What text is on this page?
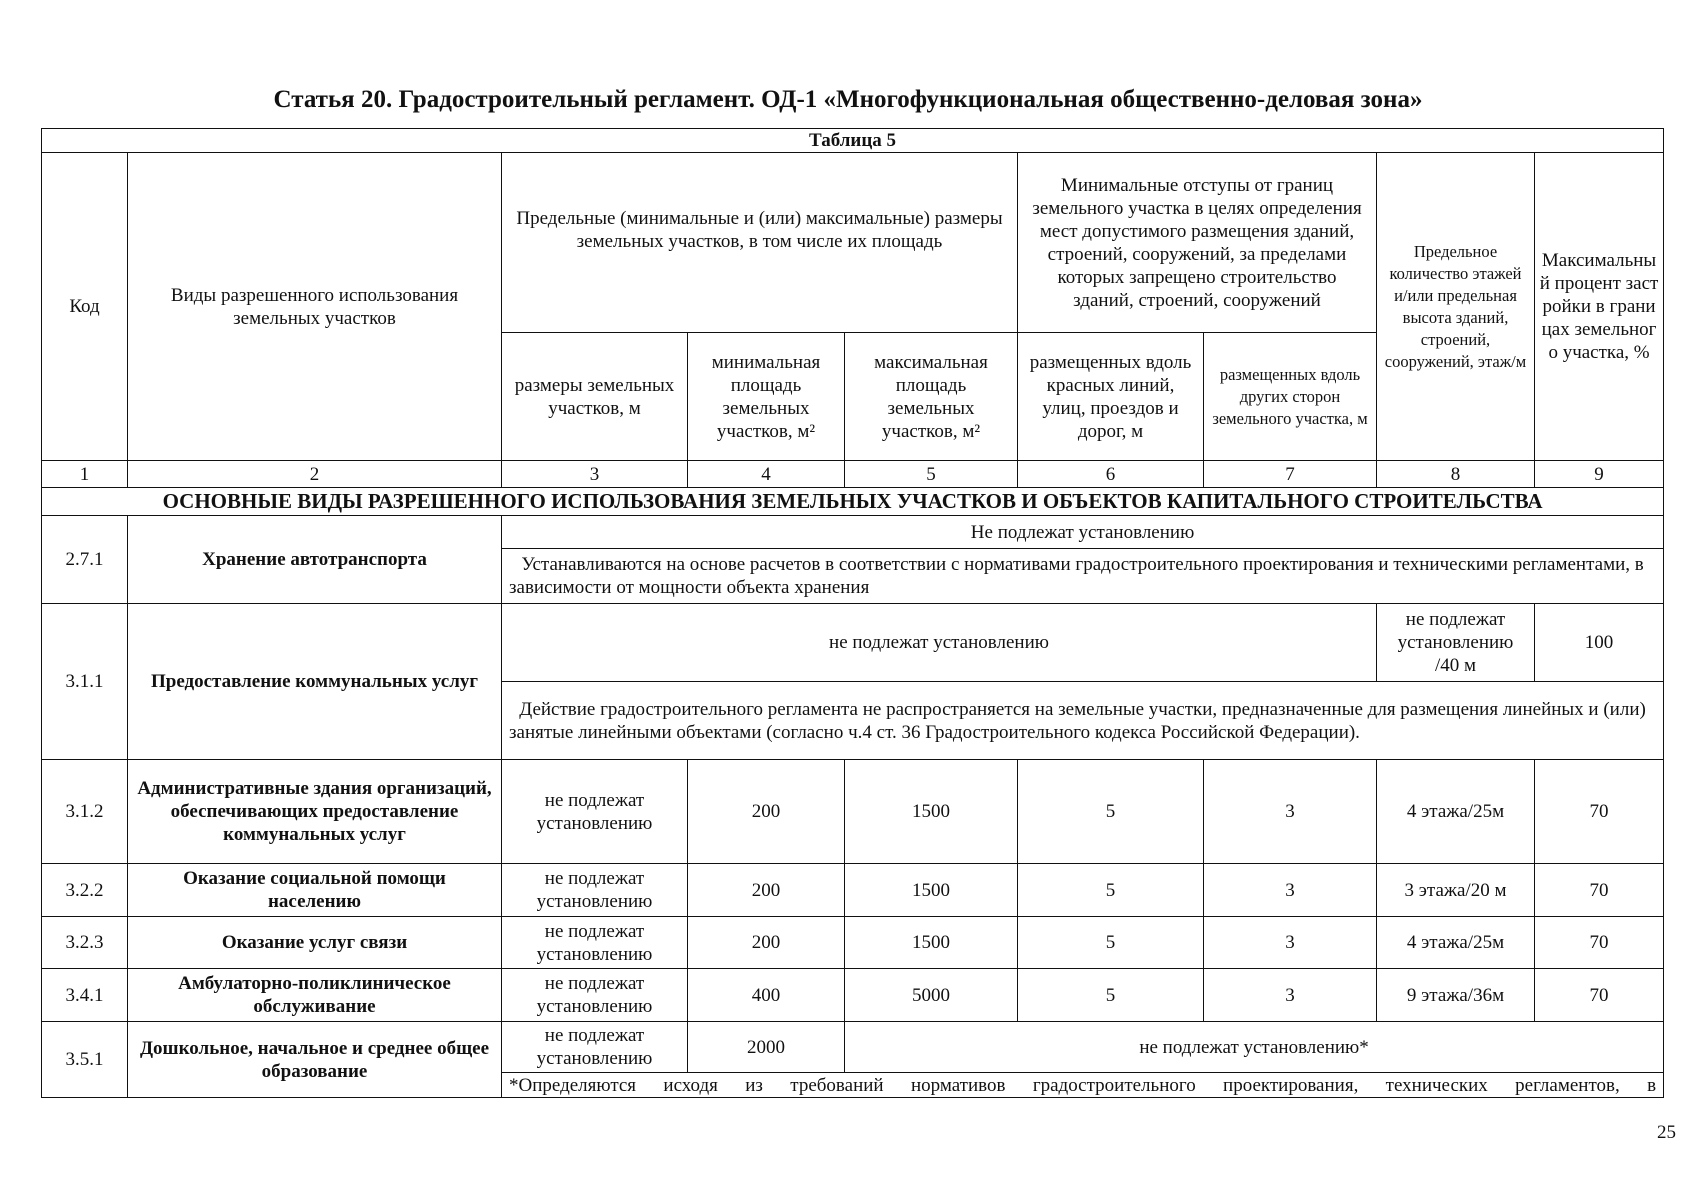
Статья 20. Градостроительный регламент. ОД-1 «Многофункциональная общественно-деловая зона»
Таблица 5								
Код	Виды разрешенного использования земельных участков	Предельные (минимальные и (или) максимальные) размеры земельных участков, в том числе их площадь			Минимальные отступы от границ земельного участка в целях определения мест допустимого размещения зданий, строений, сооружений, за пределами которых запрещено строительство зданий, строений, сооружений		Предельное количество этажей и/или предельная высота зданий, строений, сооружений, этаж/м	Максимальный процент застройки в границах земельного участка, %
		размеры земельных участков, м	минимальная площадь земельных участков, м²	максимальная площадь земельных участков, м²	размещенных вдоль красных линий, улиц, проездов и дорог, м	размещенных вдоль других сторон земельного участка, м		
1	2	3	4	5	6	7	8	9
ОСНОВНЫЕ ВИДЫ РАЗРЕШЕННОГО ИСПОЛЬЗОВАНИЯ ЗЕМЕЛЬНЫХ УЧАСТКОВ И ОБЪЕКТОВ КАПИТАЛЬНОГО СТРОИТЕЛЬСТВА								
2.7.1	Хранение автотранспорта	Не подлежат установлению						
		Устанавливаются на основе расчетов в соответствии с нормативами градостроительного проектирования и техническими регламентами, в зависимости от мощности объекта хранения						
3.1.1	Предоставление коммунальных услуг	не подлежат установлению					не подлежат установлению /40 м	100
		Действие градостроительного регламента не распространяется на земельные участки, предназначенные для размещения линейных и (или) занятые линейными объектами (согласно ч.4 ст. 36 Градостроительного кодекса Российской Федерации).						
3.1.2	Административные здания организаций, обеспечивающих предоставление коммунальных услуг	не подлежат установлению	200	1500	5	3	4 этажа/25м	70
3.2.2	Оказание социальной помощи населению	не подлежат установлению	200	1500	5	3	3 этажа/20 м	70
3.2.3	Оказание услуг связи	не подлежат установлению	200	1500	5	3	4 этажа/25м	70
3.4.1	Амбулаторно-поликлиническое обслуживание	не подлежат установлению	400	5000	5	3	9 этажа/36м	70
3.5.1	Дошкольное, начальное и среднее общее образование	не подлежат установлению	2000	не подлежат установлению*				
		*Определяются исходя из требований нормативов градостроительного проектирования, технических регламентов, в						
25
